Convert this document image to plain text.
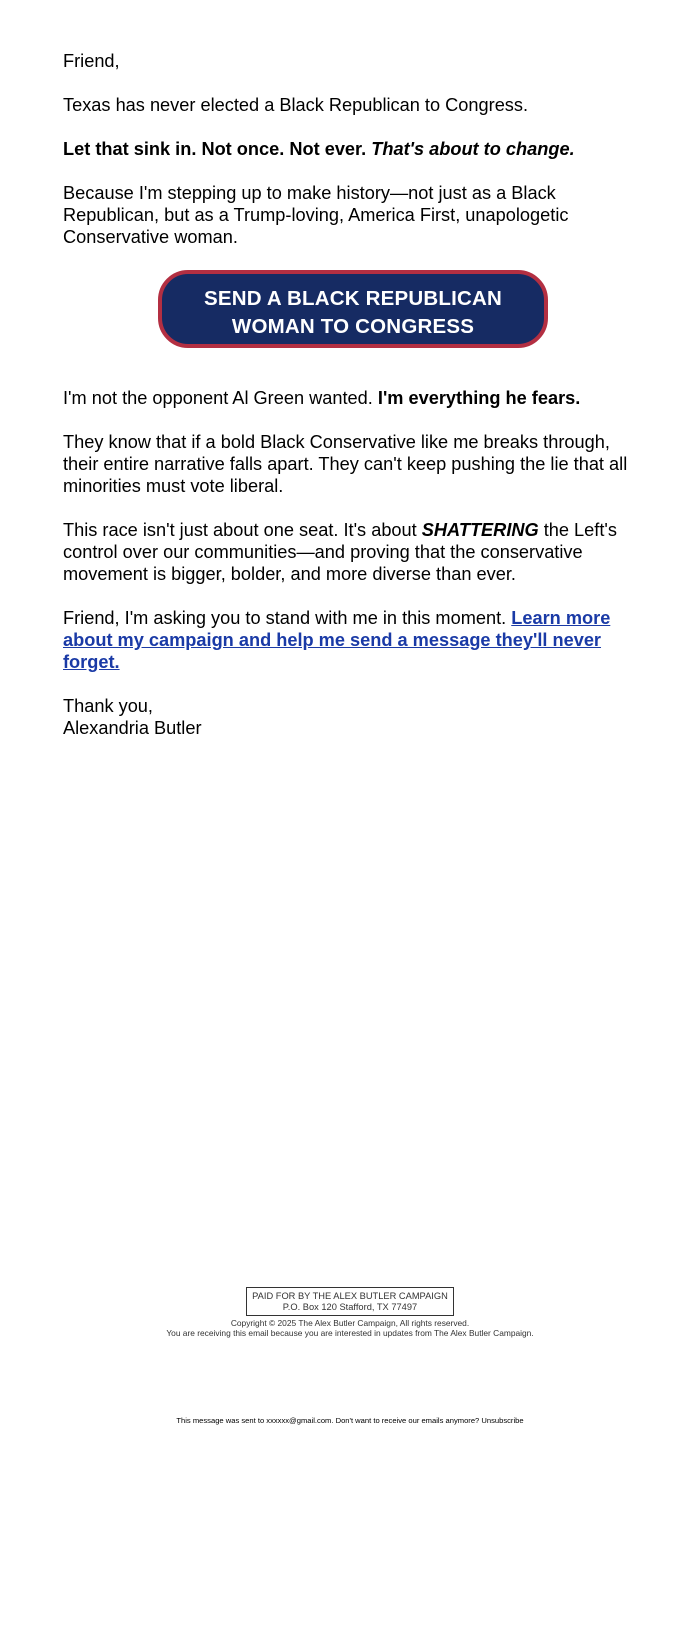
Friend,

Texas has never elected a Black Republican to Congress.

Let that sink in. Not once. Not ever. That's about to change.

Because I'm stepping up to make history—not just as a Black Republican, but as a Trump-loving, America First, unapologetic Conservative woman.

SEND A BLACK REPUBLICAN
WOMAN TO CONGRESS

I'm not the opponent Al Green wanted. I'm everything he fears.

They know that if a bold Black Conservative like me breaks through, their entire narrative falls apart. They can't keep pushing the lie that all minorities must vote liberal.

This race isn't just about one seat. It's about SHATTERING the Left's control over our communities—and proving that the conservative movement is bigger, bolder, and more diverse than ever.

Friend, I'm asking you to stand with me in this moment. Learn more about my campaign and help me send a message they'll never forget.

Thank you,

Alexandria Butler

PAID FOR BY THE ALEX BUTLER CAMPAIGN
P.O. Box 120 Stafford, TX 77497
Copyright © 2025 The Alex Butler Campaign, All rights reserved.
You are receiving this email because you are interested in updates from The Alex Butler Campaign.
This message was sent to xxxxxx@gmail.com. Don't want to receive our emails anymore? Unsubscribe
